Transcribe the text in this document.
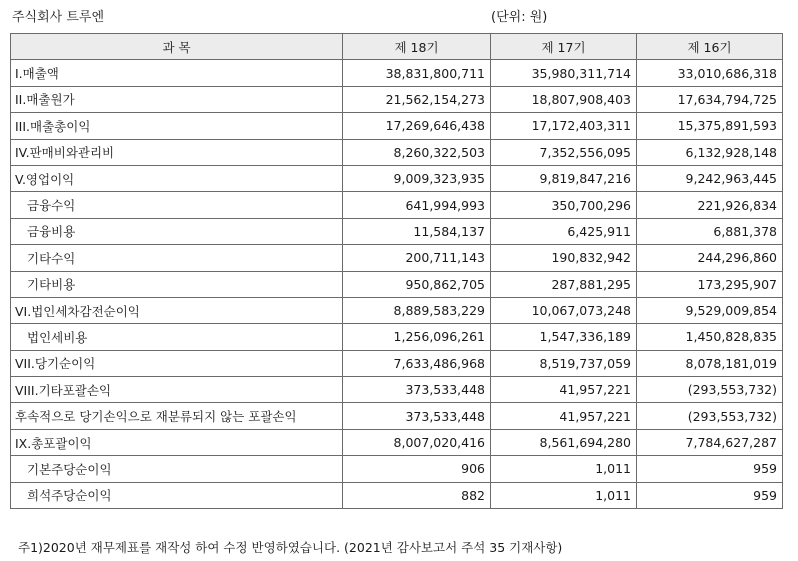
주식회사 트루엔	(단위: 원)
과 목	제 18기	제 17기	제 16기
I.매출액	38,831,800,711	35,980,311,714	33,010,686,318
II.매출원가	21,562,154,273	18,807,908,403	17,634,794,725
III.매출총이익	17,269,646,438	17,172,403,311	15,375,891,593
IV.판매비와관리비	8,260,322,503	7,352,556,095	6,132,928,148
V.영업이익	9,009,323,935	9,819,847,216	9,242,963,445
금융수익	641,994,993	350,700,296	221,926,834
금융비용	11,584,137	6,425,911	6,881,378
기타수익	200,711,143	190,832,942	244,296,860
기타비용	950,862,705	287,881,295	173,295,907
VI.법인세차감전순이익	8,889,583,229	10,067,073,248	9,529,009,854
법인세비용	1,256,096,261	1,547,336,189	1,450,828,835
VII.당기순이익	7,633,486,968	8,519,737,059	8,078,181,019
VIII.기타포괄손익	373,533,448	41,957,221	(293,553,732)
후속적으로 당기손익으로 재분류되지 않는 포괄손익	373,533,448	41,957,221	(293,553,732)
IX.총포괄이익	8,007,020,416	8,561,694,280	7,784,627,287
기본주당순이익	906	1,011	959
희석주당순이익	882	1,011	959
주1)2020년 재무제표를 재작성 하여 수정 반영하였습니다. (2021년 감사보고서 주석 35 기재사항)
